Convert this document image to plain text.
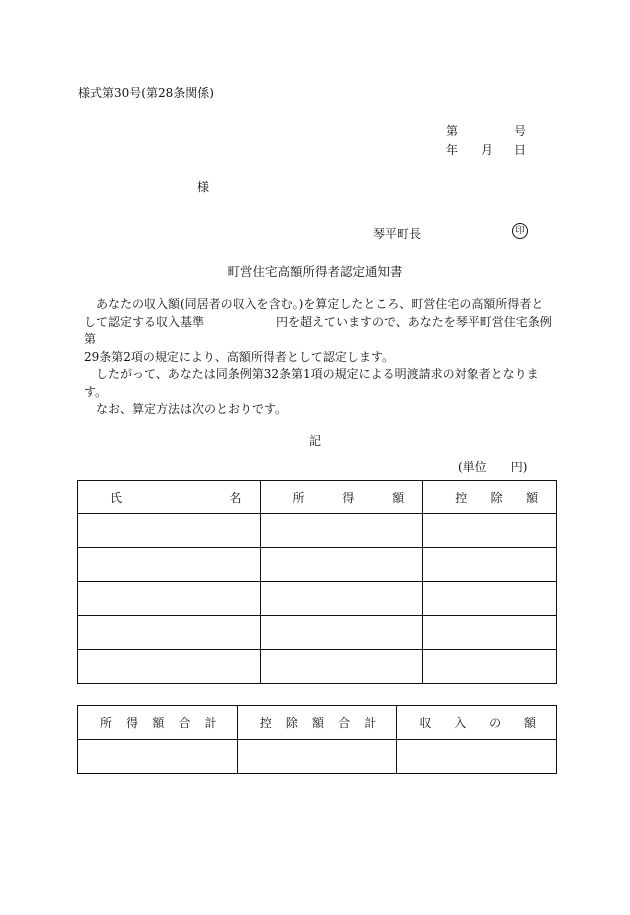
様式第30号(第28条関係)
第	号
年 月 日
様
琴平町長	印
町営住宅高額所得者認定通知書

あなたの収入額(同居者の収入を含む。)を算定したところ、町営住宅の高額所得者と

して認定する収入基準　　　　　　円を超えていますので、あなたを琴平町営住宅条例第

29条第2項の規定により、高額所得者として認定します。

したがって、あなたは同条例第32条第1項の規定による明渡請求の対象者となりま

す。

なお、算定方法は次のとおりです。

記
(単位 円)
氏 名	所 得 額	控 除 額

所 得 額 合 計	控 除 額 合 計	収 入 の 額
